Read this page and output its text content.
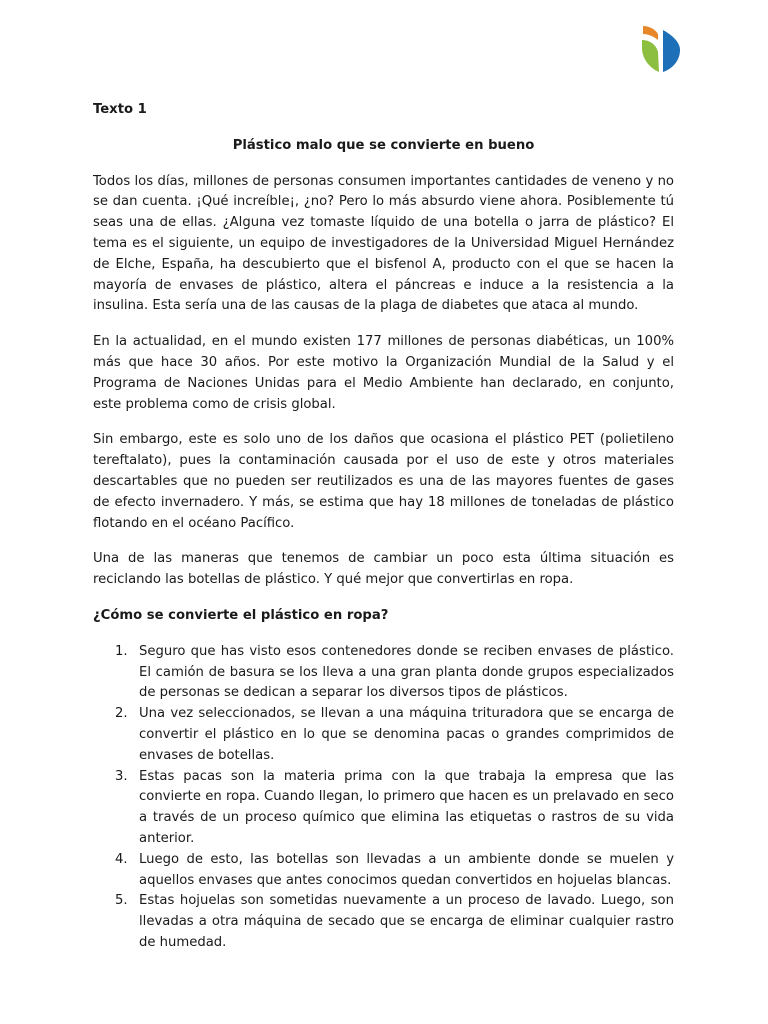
Texto 1
Plástico malo que se convierte en bueno

Todos los días, millones de personas consumen importantes cantidades de veneno y no se dan cuenta. ¡Qué increíble¡, ¿no? Pero lo más absurdo viene ahora. Posiblemente tú seas una de ellas. ¿Alguna vez tomaste líquido de una botella o jarra de plástico? El tema es el siguiente, un equipo de investigadores de la Universidad Miguel Hernández de Elche, España, ha descubierto que el bisfenol A, producto con el que se hacen la mayoría de envases de plástico, altera el páncreas e induce a la resistencia a la insulina. Esta sería una de las causas de la plaga de diabetes que ataca al mundo.

En la actualidad, en el mundo existen 177 millones de personas diabéticas, un 100% más que hace 30 años. Por este motivo la Organización Mundial de la Salud y el Programa de Naciones Unidas para el Medio Ambiente han declarado, en conjunto, este problema como de crisis global.

Sin embargo, este es solo uno de los daños que ocasiona el plástico PET (polietileno tereftalato), pues la contaminación causada por el uso de este y otros materiales descartables que no pueden ser reutilizados es una de las mayores fuentes de gases de efecto invernadero. Y más, se estima que hay 18 millones de toneladas de plástico flotando en el océano Pacífico.

Una de las maneras que tenemos de cambiar un poco esta última situación es reciclando las botellas de plástico. Y qué mejor que convertirlas en ropa.

¿Cómo se convierte el plástico en ropa?
1. Seguro que has visto esos contenedores donde se reciben envases de plástico. El camión de basura se los lleva a una gran planta donde grupos especializados de personas se dedican a separar los diversos tipos de plásticos.
2. Una vez seleccionados, se llevan a una máquina trituradora que se encarga de convertir el plástico en lo que se denomina pacas o grandes comprimidos de envases de botellas.
3. Estas pacas son la materia prima con la que trabaja la empresa que las convierte en ropa. Cuando llegan, lo primero que hacen es un prelavado en seco a través de un proceso químico que elimina las etiquetas o rastros de su vida anterior.
4. Luego de esto, las botellas son llevadas a un ambiente donde se muelen y aquellos envases que antes conocimos quedan convertidos en hojuelas blancas.
5. Estas hojuelas son sometidas nuevamente a un proceso de lavado. Luego, son llevadas a otra máquina de secado que se encarga de eliminar cualquier rastro de humedad.
